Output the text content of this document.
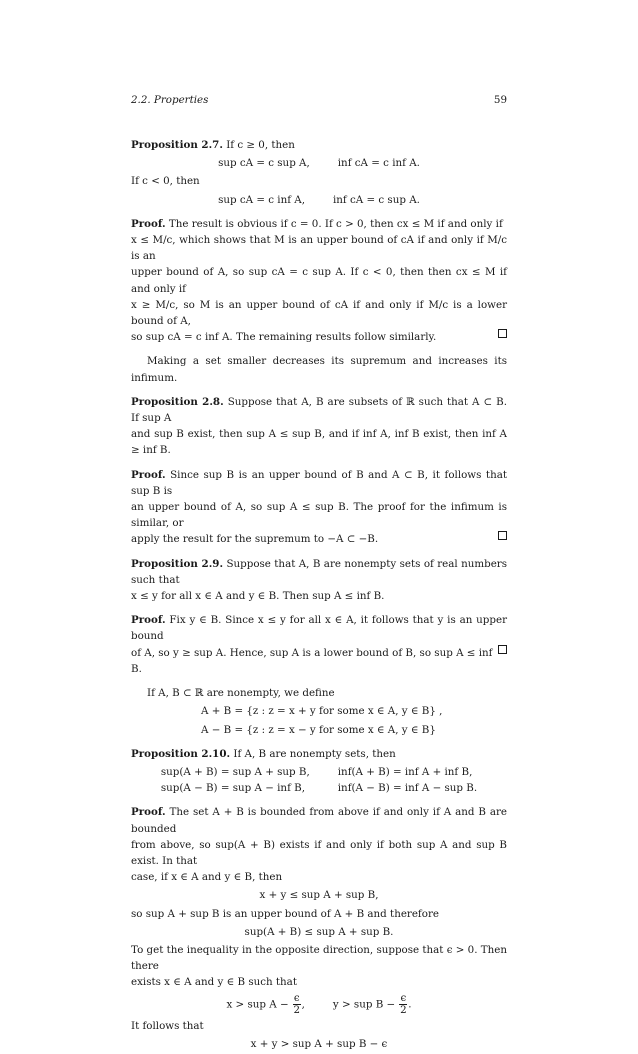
2.2. Properties	59

Proposition 2.7. If c ≥ 0, then

sup cA = c sup A,	inf cA = c inf A.

If c < 0, then

sup cA = c inf A,	inf cA = c sup A.

Proof. The result is obvious if c = 0. If c > 0, then cx ≤ M if and only if

x ≤ M/c, which shows that M is an upper bound of cA if and only if M/c is an

upper bound of A, so sup cA = c sup A. If c < 0, then then cx ≤ M if and only if

x ≥ M/c, so M is an upper bound of cA if and only if M/c is a lower bound of A,

so sup cA = c inf A. The remaining results follow similarly.

Making a set smaller decreases its supremum and increases its infimum.

Proposition 2.8. Suppose that A, B are subsets of ℝ such that A ⊂ B. If sup A

and sup B exist, then sup A ≤ sup B, and if inf A, inf B exist, then inf A ≥ inf B.

Proof. Since sup B is an upper bound of B and A ⊂ B, it follows that sup B is

an upper bound of A, so sup A ≤ sup B. The proof for the infimum is similar, or

apply the result for the supremum to −A ⊂ −B.

Proposition 2.9. Suppose that A, B are nonempty sets of real numbers such that

x ≤ y for all x ∈ A and y ∈ B. Then sup A ≤ inf B.

Proof. Fix y ∈ B. Since x ≤ y for all x ∈ A, it follows that y is an upper bound

of A, so y ≥ sup A. Hence, sup A is a lower bound of B, so sup A ≤ inf B.

If A, B ⊂ ℝ are nonempty, we define

A + B = {z : z = x + y for some x ∈ A, y ∈ B} ,
A − B = {z : z = x − y for some x ∈ A, y ∈ B}

Proposition 2.10. If A, B are nonempty sets, then

sup(A + B) = sup A + sup B,	inf(A + B) = inf A + inf B,
sup(A − B) = sup A − inf B,	inf(A − B) = inf A − sup B.

Proof. The set A + B is bounded from above if and only if A and B are bounded

from above, so sup(A + B) exists if and only if both sup A and sup B exist. In that

case, if x ∈ A and y ∈ B, then

x + y ≤ sup A + sup B,

so sup A + sup B is an upper bound of A + B and therefore

sup(A + B) ≤ sup A + sup B.

To get the inequality in the opposite direction, suppose that ϵ > 0. Then there

exists x ∈ A and y ∈ B such that

x > sup $A - \frac{\epsilon}{2}$ ,	y > sup $B - \frac{\epsilon}{2}$ .

It follows that

x + y > sup A + sup B − ϵ
